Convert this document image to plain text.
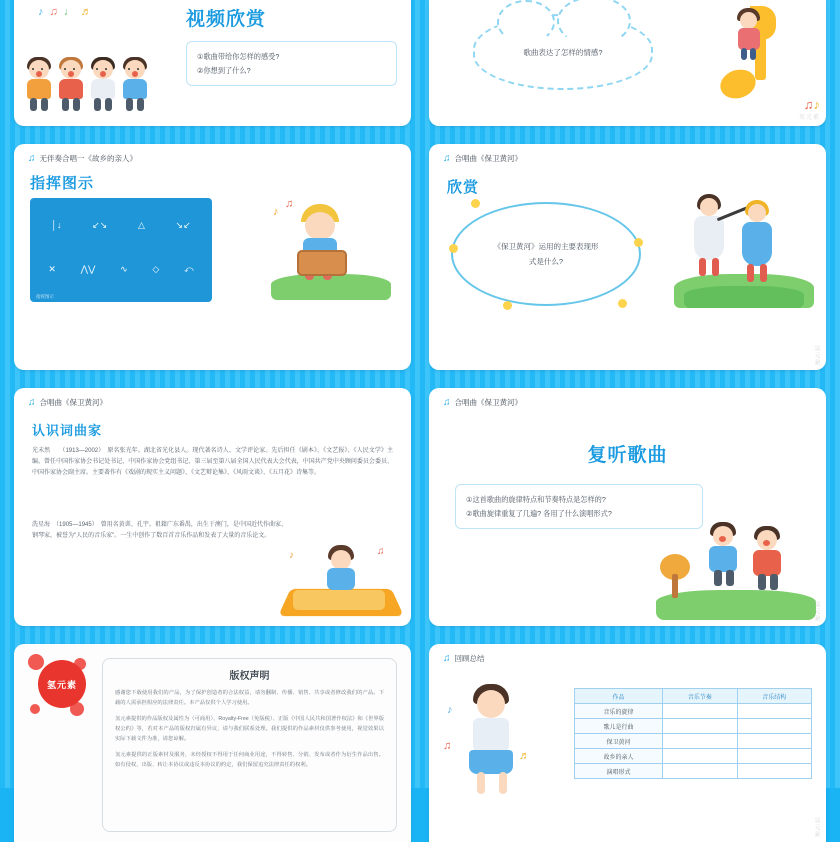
♪ ♫ ♩ ♬	视频欣赏
①歌曲带给你怎样的感受?
②你想到了什么?
歌曲表达了怎样的情感?
♫♪
昊元素
♫ 无伴奏合唱一《故乡的亲人》
指挥图示
│↓	↙↘	△	↘↙
✕	⋀⋁	∿	◇	⤺
指挥图示
♪
♫
♫ 合唱曲《保卫黄河》
欣赏
《保卫黄河》运用的主要表现形式是什么?
昊元素
♫ 合唱曲《保卫黄河》
认识词曲家
光未然　　（1913—2002）　原名张光年。湖北省光化县人。现代著名诗人、文学评论家。先后担任《剧本》、《文艺报》、《人民文学》主编。曾任中国作家协会书记处书记、中国作家协会党组书记、第三届至第八届全国人民代表大会代表，中国共产党中央顾问委员会委员、中国作家协会副主席。主要著作有《戏剧的现实主义问题》、《文艺辩论集》、《风雨文谈》、《五月花》诗集等。
洗星海　（1905—1945）　曾用名黄训、孔宇。祖籍广东番禺，出生于澳门，是中国近代作曲家、钢琴家，被誉为"人民的音乐家"。一生中创作了数百首音乐作品和发表了大量的音乐论文。
♪	♫
♫ 合唱曲《保卫黄河》
复听歌曲
①这首歌曲的旋律特点和节奏特点是怎样的?
②歌曲旋律重复了几遍? 各用了什么演唱形式?
昊元素
氢元素
版权声明

感谢您下载使用我们的产品，为了保护创造者的合法权益，请勿翻制、传播、销售、共享或者修改我们的产品。下载的人需承担相应的法律责任。本产品仅供个人学习使用。

氢元素提供的作品版权及属性为（可商用）、Royalty-Free（免版税）、正版《中国人民共和国著作权法》和《世界版权公约》等，若对本产品的版权归属有异议，请与我们联系处理。我们提供的作品素材仅供参考使用，视觉效果以实际下载文件为准，请您谅解。

氢元素提供的正版素材及服务，未经授权不得用于任何商业用途，不得转售、分销、发布或者作为衍生作品出售。如有侵权，出版、转让本协议或违反本协议的约定，我们保留追究法律责任的权利。

♫ 回顾总结
♪
♫
♬
作品	音乐节奏	音乐结构
音乐的旋律		
歌儿是行曲		
保卫黄河		
故乡的亲人		
演唱形式		
昊元素
